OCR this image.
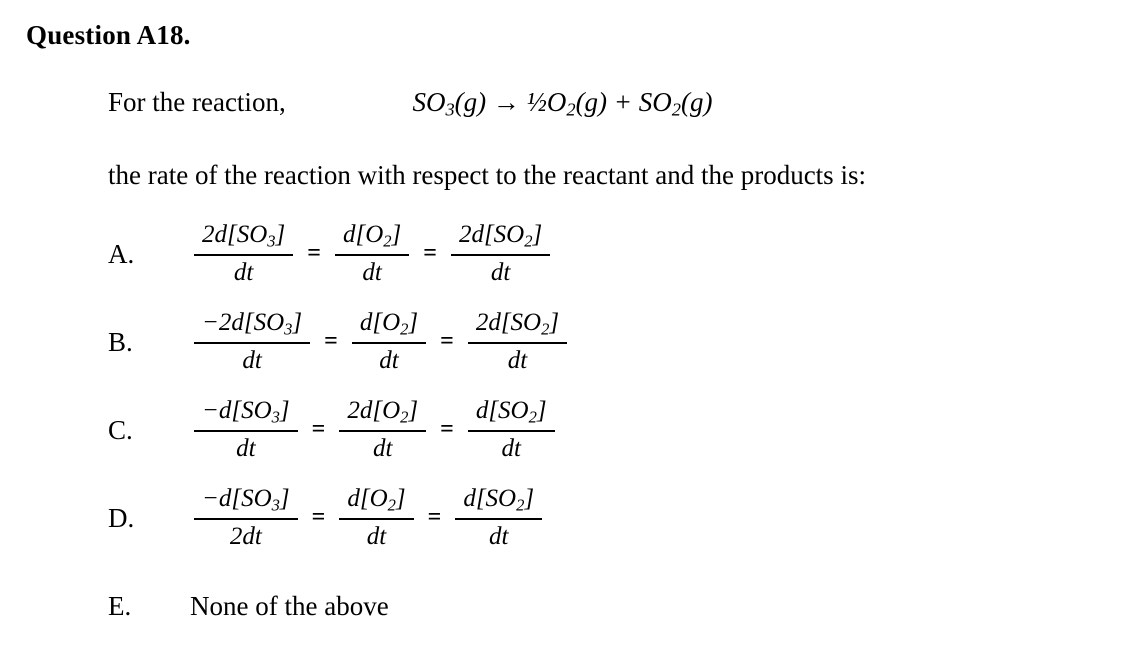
Question A18.
For the reaction,	$SO_3(g)$ → $\frac{1}{2}O_2(g) + SO_2(g)$
the rate of the reaction with respect to the reactant and the products is:
A.	$\frac{2d[SO_3]}{dt} = \frac{d[O_2]}{dt} = \frac{2d[SO_2]}{dt}$
B.	$\frac{-2d[SO_3]}{dt} = \frac{d[O_2]}{dt} = \frac{2d[SO_2]}{dt}$
C.	$\frac{-d[SO_3]}{dt} = \frac{2d[O_2]}{dt} = \frac{d[SO_2]}{dt}$
D.	$\frac{-d[SO_3]}{2dt} = \frac{d[O_2]}{dt} = \frac{d[SO_2]}{dt}$
E.	None of the above
